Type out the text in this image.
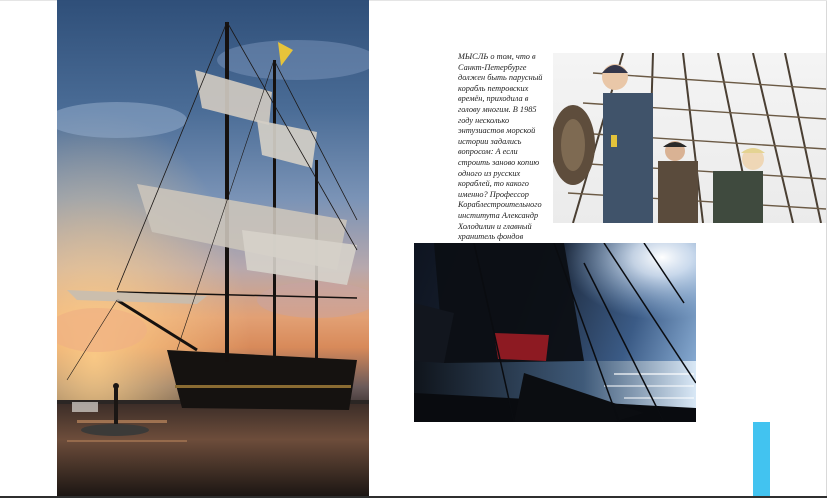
МЫСЛЬ о том, что в Санкт-Петербурге должен быть парусный корабль петровских времён, приходила в голову многим. В 1985 году несколько энтузиастов морской истории задались вопросом: А если строить заново копию одного из русских кораблей, то какого именно? Профессор Кораблестроительного института Александр Холодилин и главный хранитель фондов
